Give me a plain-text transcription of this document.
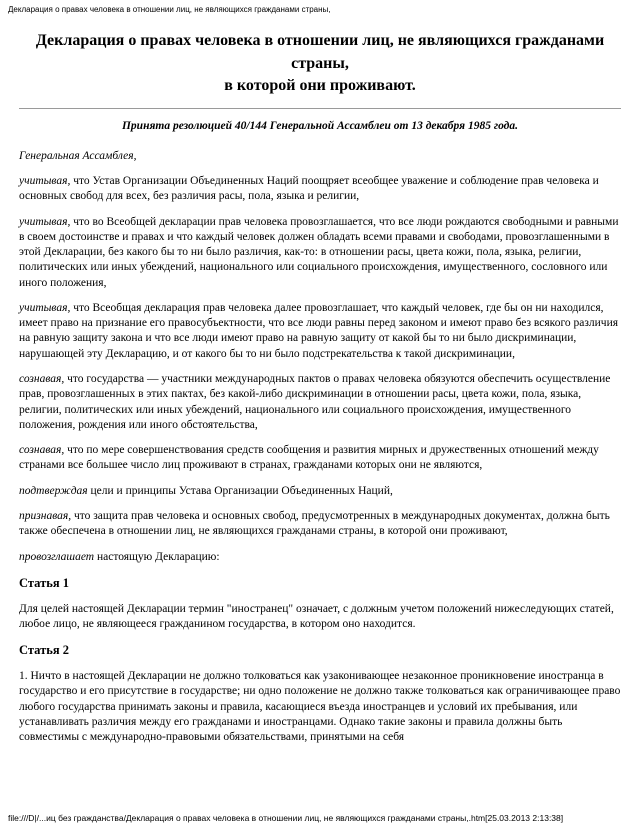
Декларация о правах человека в отношении лиц, не являющихся гражданами страны,
Декларация о правах человека в отношении лиц, не являющихся гражданами страны,
в которой они проживают.

Принята резолюцией 40/144 Генеральной Ассамблеи от 13 декабря 1985 года.

Генеральная Ассамблея,

учитывая, что Устав Организации Объединенных Наций поощряет всеобщее уважение и соблюдение прав человека и основных свобод для всех, без различия расы, пола, языка и религии,

учитывая, что во Всеобщей декларации прав человека провозглашается, что все люди рождаются свободными и равными в своем достоинстве и правах и что каждый человек должен обладать всеми правами и свободами, провозглашенными в этой Декларации, без какого бы то ни было различия, как-то: в отношении расы, цвета кожи, пола, языка, религии, политических или иных убеждений, национального или социального происхождения, имущественного, сословного или иного положения,

учитывая, что Всеобщая декларация прав человека далее провозглашает, что каждый человек, где бы он ни находился, имеет право на признание его правосубъектности, что все люди равны перед законом и имеют право без всякого различия на равную защиту закона и что все люди имеют право на равную защиту от какой бы то ни было дискриминации, нарушающей эту Декларацию, и от какого бы то ни было подстрекательства к такой дискриминации,

сознавая, что государства — участники международных пактов о правах человека обязуются обеспечить осуществление прав, провозглашенных в этих пактах, без какой-либо дискриминации в отношении расы, цвета кожи, пола, языка, религии, политических или иных убеждений, национального или социального происхождения, имущественного положения, рождения или иного обстоятельства,

сознавая, что по мере совершенствования средств сообщения и развития мирных и дружественных отношений между странами все большее число лиц проживают в странах, гражданами которых они не являются,

подтверждая цели и принципы Устава Организации Объединенных Наций,

признавая, что защита прав человека и основных свобод, предусмотренных в международных документах, должна быть также обеспечена в отношении лиц, не являющихся гражданами страны, в которой они проживают,

провозглашает настоящую Декларацию:

Статья 1

Для целей настоящей Декларации термин "иностранец" означает, с должным учетом положений нижеследующих статей, любое лицо, не являющееся гражданином государства, в котором оно находится.

Статья 2

1. Ничто в настоящей Декларации не должно толковаться как узаконивающее незаконное проникновение иностранца в государство и его присутствие в государстве; ни одно положение не должно также толковаться как ограничивающее право любого государства принимать законы и правила, касающиеся въезда иностранцев и условий их пребывания, или устанавливать различия между его гражданами и иностранцами. Однако такие законы и правила должны быть совместимы с международно-правовыми обязательствами, принятыми на себя

file:///D|/...иц без гражданства/Декларация о правах человека в отношении лиц, не являющихся гражданами страны,.htm[25.03.2013 2:13:38]
